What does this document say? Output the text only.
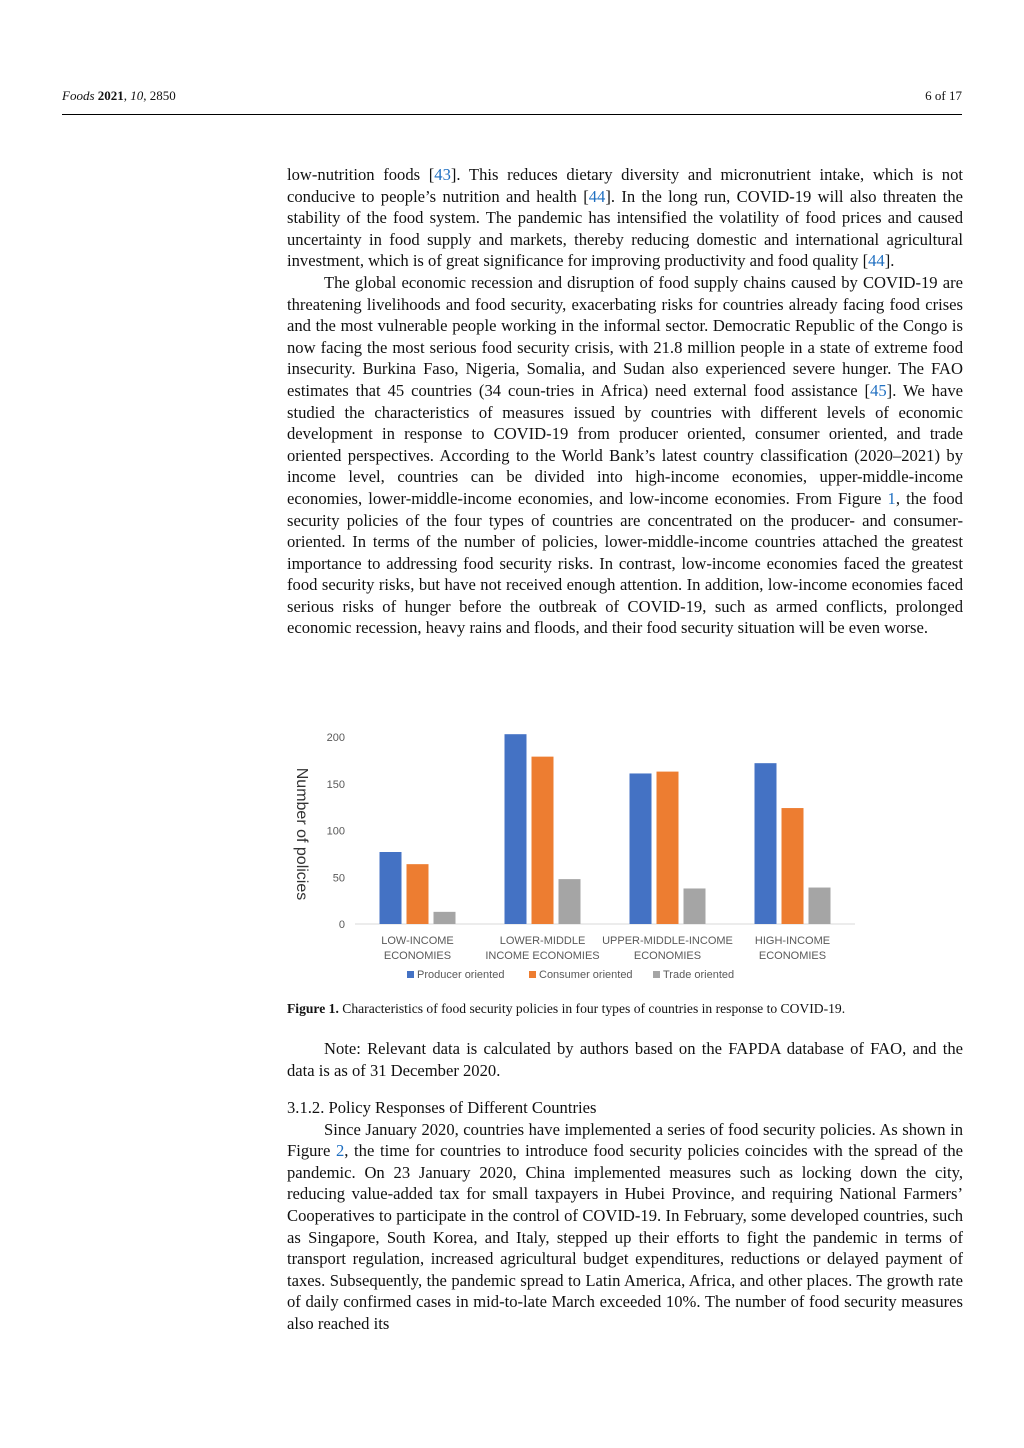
Foods 2021, 10, 2850	6 of 17

low-nutrition foods [43]. This reduces dietary diversity and micronutrient intake, which is not conducive to people’s nutrition and health [44]. In the long run, COVID-19 will also threaten the stability of the food system. The pandemic has intensified the volatility of food prices and caused uncertainty in food supply and markets, thereby reducing domestic and international agricultural investment, which is of great significance for improving productivity and food quality [44].

The global economic recession and disruption of food supply chains caused by COVID-19 are threatening livelihoods and food security, exacerbating risks for countries already facing food crises and the most vulnerable people working in the informal sector. Democratic Republic of the Congo is now facing the most serious food security crisis, with 21.8 million people in a state of extreme food insecurity. Burkina Faso, Nigeria, Somalia, and Sudan also experienced severe hunger. The FAO estimates that 45 countries (34 coun-tries in Africa) need external food assistance [45]. We have studied the characteristics of measures issued by countries with different levels of economic development in response to COVID-19 from producer oriented, consumer oriented, and trade oriented perspectives. According to the World Bank’s latest country classification (2020–2021) by income level, countries can be divided into high-income economies, upper-middle-income economies, lower-middle-income economies, and low-income economies. From Figure 1, the food security policies of the four types of countries are concentrated on the producer- and consumer-oriented. In terms of the number of policies, lower-middle-income countries attached the greatest importance to addressing food security risks. In contrast, low-income economies faced the greatest food security risks, but have not received enough attention. In addition, low-income economies faced serious risks of hunger before the outbreak of COVID-19, such as armed conflicts, prolonged economic recession, heavy rains and floods, and their food security situation will be even worse.

Number of policies
0
50
100
150
200
LOW-INCOME
ECONOMIES
LOWER-MIDDLE
INCOME ECONOMIES
UPPER-MIDDLE-INCOME
ECONOMIES
HIGH-INCOME
ECONOMIES
Producer oriented	Consumer oriented	Trade oriented
Figure 1. Characteristics of food security policies in four types of countries in response to COVID-19.

Note: Relevant data is calculated by authors based on the FAPDA database of FAO, and the data is as of 31 December 2020.

3.1.2. Policy Responses of Different Countries

Since January 2020, countries have implemented a series of food security policies. As shown in Figure 2, the time for countries to introduce food security policies coincides with the spread of the pandemic. On 23 January 2020, China implemented measures such as locking down the city, reducing value-added tax for small taxpayers in Hubei Province, and requiring National Farmers’ Cooperatives to participate in the control of COVID-19. In February, some developed countries, such as Singapore, South Korea, and Italy, stepped up their efforts to fight the pandemic in terms of transport regulation, increased agricultural budget expenditures, reductions or delayed payment of taxes. Subsequently, the pandemic spread to Latin America, Africa, and other places. The growth rate of daily confirmed cases in mid-to-late March exceeded 10%. The number of food security measures also reached its
